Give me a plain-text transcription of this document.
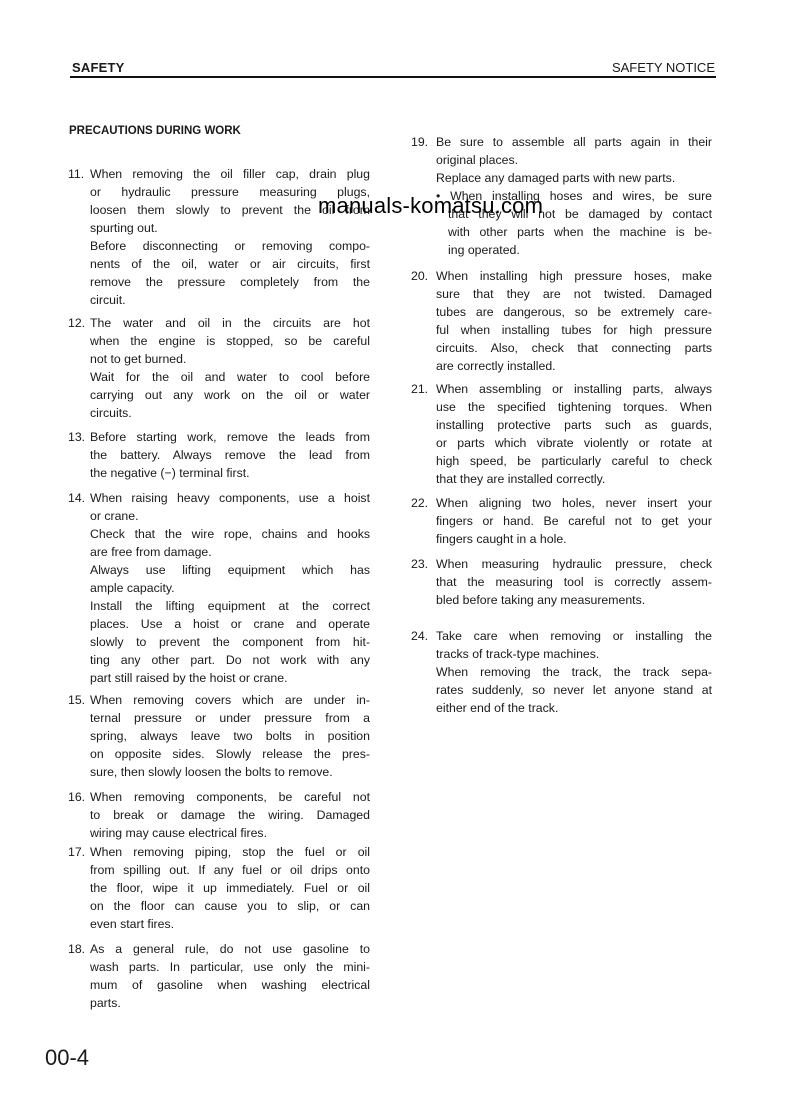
SAFETY	SAFETY NOTICE
PRECAUTIONS DURING WORK
11. When removing the oil filler cap, drain plug
or hydraulic pressure measuring plugs,
loosen them slowly to prevent the oil from
spurting out.
Before disconnecting or removing compo-
nents of the oil, water or air circuits, first
remove the pressure completely from the
circuit.
12. The water and oil in the circuits are hot
when the engine is stopped, so be careful
not to get burned.
Wait for the oil and water to cool before
carrying out any work on the oil or water
circuits.
13. Before starting work, remove the leads from
the battery. Always remove the lead from
the negative (−) terminal first.
14. When raising heavy components, use a hoist
or crane.
Check that the wire rope, chains and hooks
are free from damage.
Always use lifting equipment which has
ample capacity.
Install the lifting equipment at the correct
places. Use a hoist or crane and operate
slowly to prevent the component from hit-
ting any other part. Do not work with any
part still raised by the hoist or crane.
15. When removing covers which are under in-
ternal pressure or under pressure from a
spring, always leave two bolts in position
on opposite sides. Slowly release the pres-
sure, then slowly loosen the bolts to remove.
16. When removing components, be careful not
to break or damage the wiring. Damaged
wiring may cause electrical fires.
17. When removing piping, stop the fuel or oil
from spilling out. If any fuel or oil drips onto
the floor, wipe it up immediately. Fuel or oil
on the floor can cause you to slip, or can
even start fires.
18. As a general rule, do not use gasoline to
wash parts. In particular, use only the mini-
mum of gasoline when washing electrical
parts.
19. Be sure to assemble all parts again in their
original places.
Replace any damaged parts with new parts.
• When installing hoses and wires, be sure
that they will not be damaged by contact
with other parts when the machine is be-
ing operated.
20. When installing high pressure hoses, make
sure that they are not twisted. Damaged
tubes are dangerous, so be extremely care-
ful when installing tubes for high pressure
circuits. Also, check that connecting parts
are correctly installed.
21. When assembling or installing parts, always
use the specified tightening torques. When
installing protective parts such as guards,
or parts which vibrate violently or rotate at
high speed, be particularly careful to check
that they are installed correctly.
22. When aligning two holes, never insert your
fingers or hand. Be careful not to get your
fingers caught in a hole.
23. When measuring hydraulic pressure, check
that the measuring tool is correctly assem-
bled before taking any measurements.
24. Take care when removing or installing the
tracks of track-type machines.
When removing the track, the track sepa-
rates suddenly, so never let anyone stand at
either end of the track.
manuals-komatsu.com
00-4
